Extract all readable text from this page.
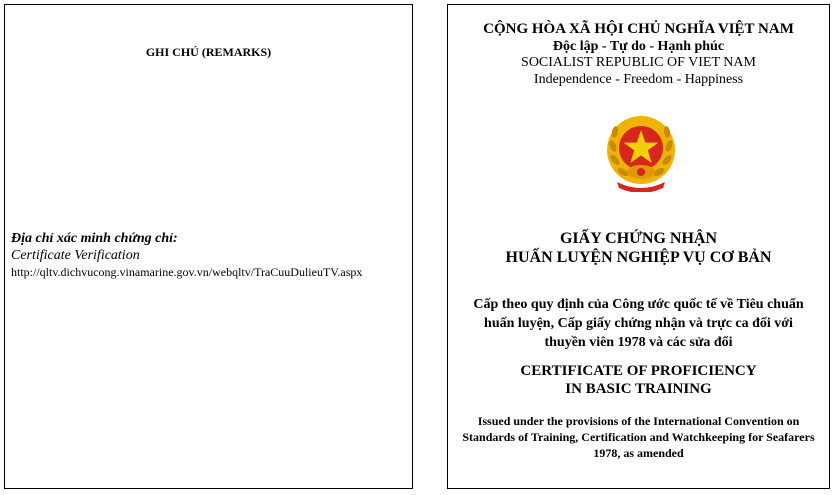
GHI CHÚ (REMARKS)
Địa chỉ xác minh chứng chỉ:
Certificate Verification
http://qltv.dichvucong.vinamarine.gov.vn/webqltv/TraCuuDulieuTV.aspx
CỘNG HÒA XÃ HỘI CHỦ NGHĨA VIỆT NAM
Độc lập - Tự do - Hạnh phúc
SOCIALIST REPUBLIC OF VIET NAM
Independence - Freedom - Happiness
GIẤY CHỨNG NHẬN
HUẤN LUYỆN NGHIỆP VỤ CƠ BẢN
Cấp theo quy định của Công ước quốc tế về Tiêu chuẩn huấn luyện, Cấp giấy chứng nhận và trực ca đối với thuyền viên 1978 và các sửa đổi
CERTIFICATE OF PROFICIENCY
IN BASIC TRAINING
Issued under the provisions of the International Convention on Standards of Training, Certification and Watchkeeping for Seafarers 1978, as amended
